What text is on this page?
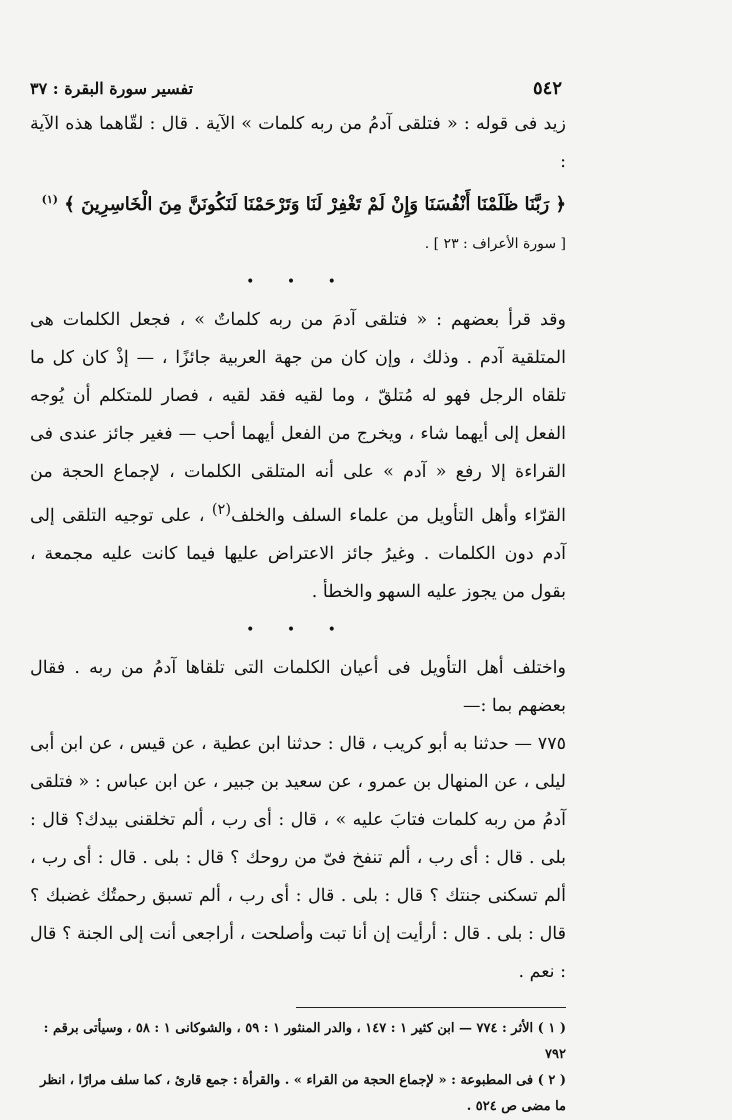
٥٤٢
تفسير سورة البقرة : ٣٧

زيد فى قوله : « فتلقى آدمُ من ربه كلمات » الآية . قال : لقّاهما هذه الآية :
﴿ رَبَّنَا ظَلَمْنَا أَنْفُسَنَا وَإِنْ لَمْ تَغْفِرْ لَنَا وَتَرْحَمْنَا لَنَكُونَنَّ مِنَ الْخَاسِرِينَ ﴾ $^{(١)}$
[ سورة الأعراف : ٢٣ ] .

• • •

وقد قرأ بعضهم : « فتلقى آدمَ من ربه كلماتٌ » ، فجعل الكلمات هى المتلقية آدم . وذلك ، وإن كان من جهة العربية جائزًا ، — إذْ كان كل ما تلقاه الرجل فهو له مُتلقّ ، وما لقيه فقد لقيه ، فصار للمتكلم أن يُوجه الفعل إلى أيهما شاء ، ويخرج من الفعل أيهما أحب — فغير جائز عندى فى القراءة إلا رفع « آدم » على أنه المتلقى الكلمات ، لإجماع الحجة من القرّاء وأهل التأويل من علماء السلف والخلف$^{(٢)}$ ، على توجيه التلقى إلى آدم دون الكلمات . وغيرُ جائز الاعتراض عليها فيما كانت عليه مجمعة ، بقول من يجوز عليه السهو والخطأ .

• • •

واختلف أهل التأويل فى أعيان الكلمات التى تلقاها آدمُ من ربه . فقال بعضهم بما :—

٧٧٥ — حدثنا به أبو كريب ، قال : حدثنا ابن عطية ، عن قيس ، عن ابن أبى ليلى ، عن المنهال بن عمرو ، عن سعيد بن جبير ، عن ابن عباس : « فتلقى آدمُ من ربه كلمات فتابَ عليه » ، قال : أى رب ، ألم تخلقنى بيدك؟ قال : بلى . قال : أى رب ، ألم تنفخ فىّ من روحك ؟ قال : بلى . قال : أى رب ، ألم تسكنى جنتك ؟ قال : بلى . قال : أى رب ، ألم تسبق رحمتُك غضبك ؟ قال : بلى . قال : أرأيت إن أنا تبت وأصلحت ، أراجعى أنت إلى الجنة ؟ قال : نعم .

( ١ ) الأثر : ٧٧٤ — ابن كثير ١ : ١٤٧ ، والدر المنثور ١ : ٥٩ ، والشوكانى ١ : ٥٨ ، وسيأتى برقم : ٧٩٢

( ٢ ) فى المطبوعة : « لإجماع الحجة من القراء » . والقرأة : جمع قارئ ، كما سلف مرارًا ، انظر ما مضى ص ٥٢٤ .
